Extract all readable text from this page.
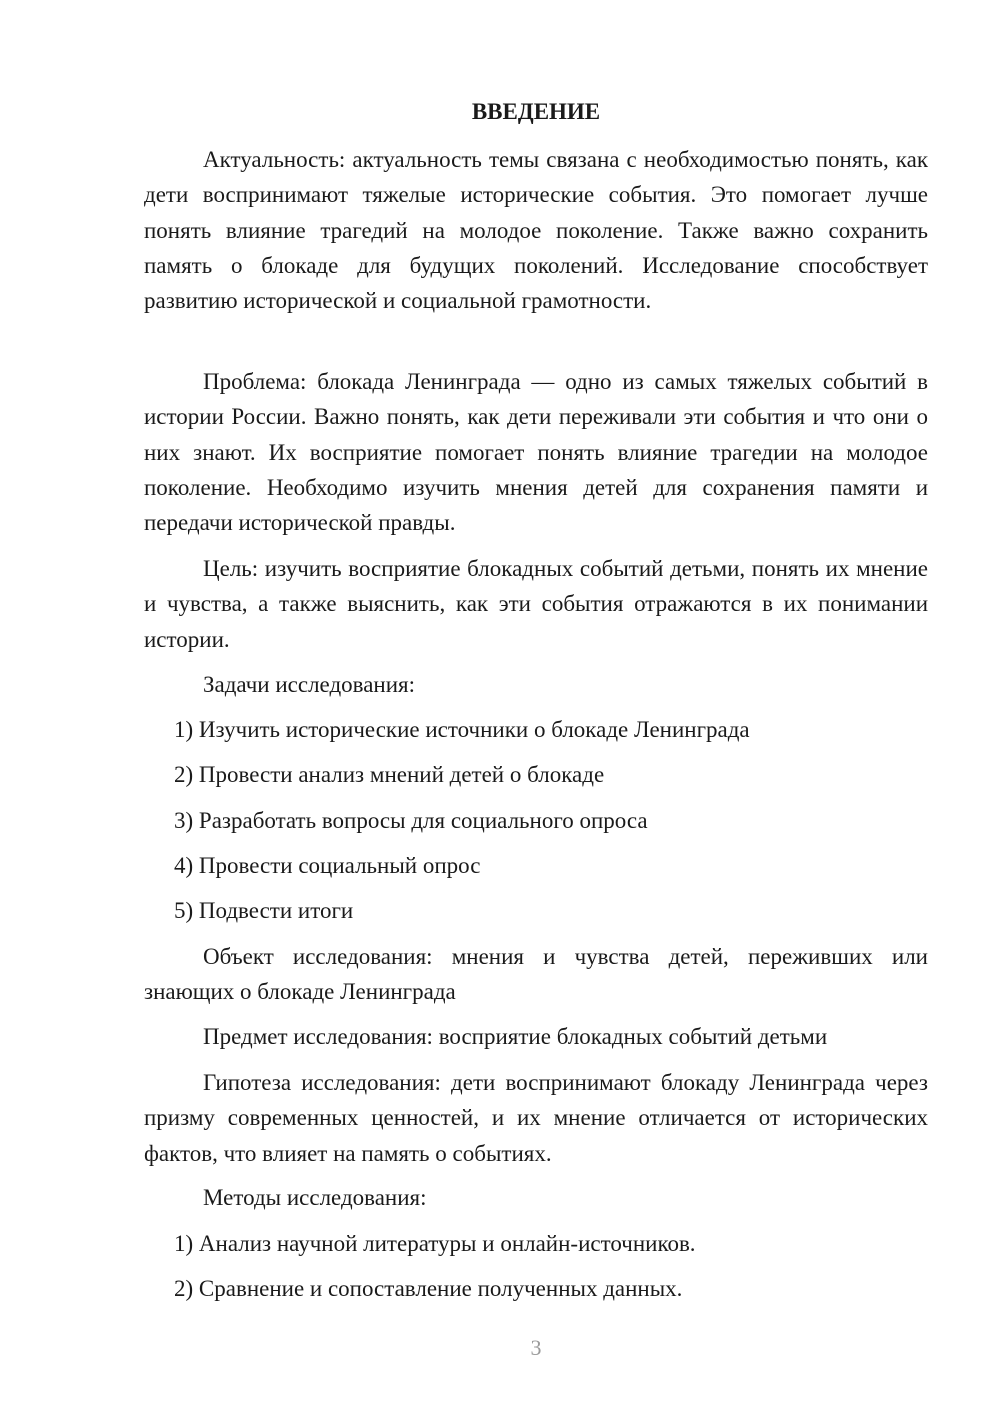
ВВЕДЕНИЕ

Актуальность: актуальность темы связана с необходимостью понять, как дети воспринимают тяжелые исторические события. Это помогает лучше понять влияние трагедий на молодое поколение. Также важно сохранить память о блокаде для будущих поколений. Исследование способствует развитию исторической и социальной грамотности.

Проблема: блокада Ленинграда — одно из самых тяжелых событий в истории России. Важно понять, как дети переживали эти события и что они о них знают. Их восприятие помогает понять влияние трагедии на молодое поколение. Необходимо изучить мнения детей для сохранения памяти и передачи исторической правды.

Цель: изучить восприятие блокадных событий детьми, понять их мнение и чувства, а также выяснить, как эти события отражаются в их понимании истории.

Задачи исследования:

1) Изучить исторические источники о блокаде Ленинграда

2) Провести анализ мнений детей о блокаде

3) Разработать вопросы для социального опроса

4) Провести социальный опрос

5) Подвести итоги

Объект исследования: мнения и чувства детей, переживших или знающих о блокаде Ленинграда

Предмет исследования: восприятие блокадных событий детьми

Гипотеза исследования: дети воспринимают блокаду Ленинграда через призму современных ценностей, и их мнение отличается от исторических фактов, что влияет на память о событиях.

Методы исследования:

1) Анализ научной литературы и онлайн-источников.

2) Сравнение и сопоставление полученных данных.

3
